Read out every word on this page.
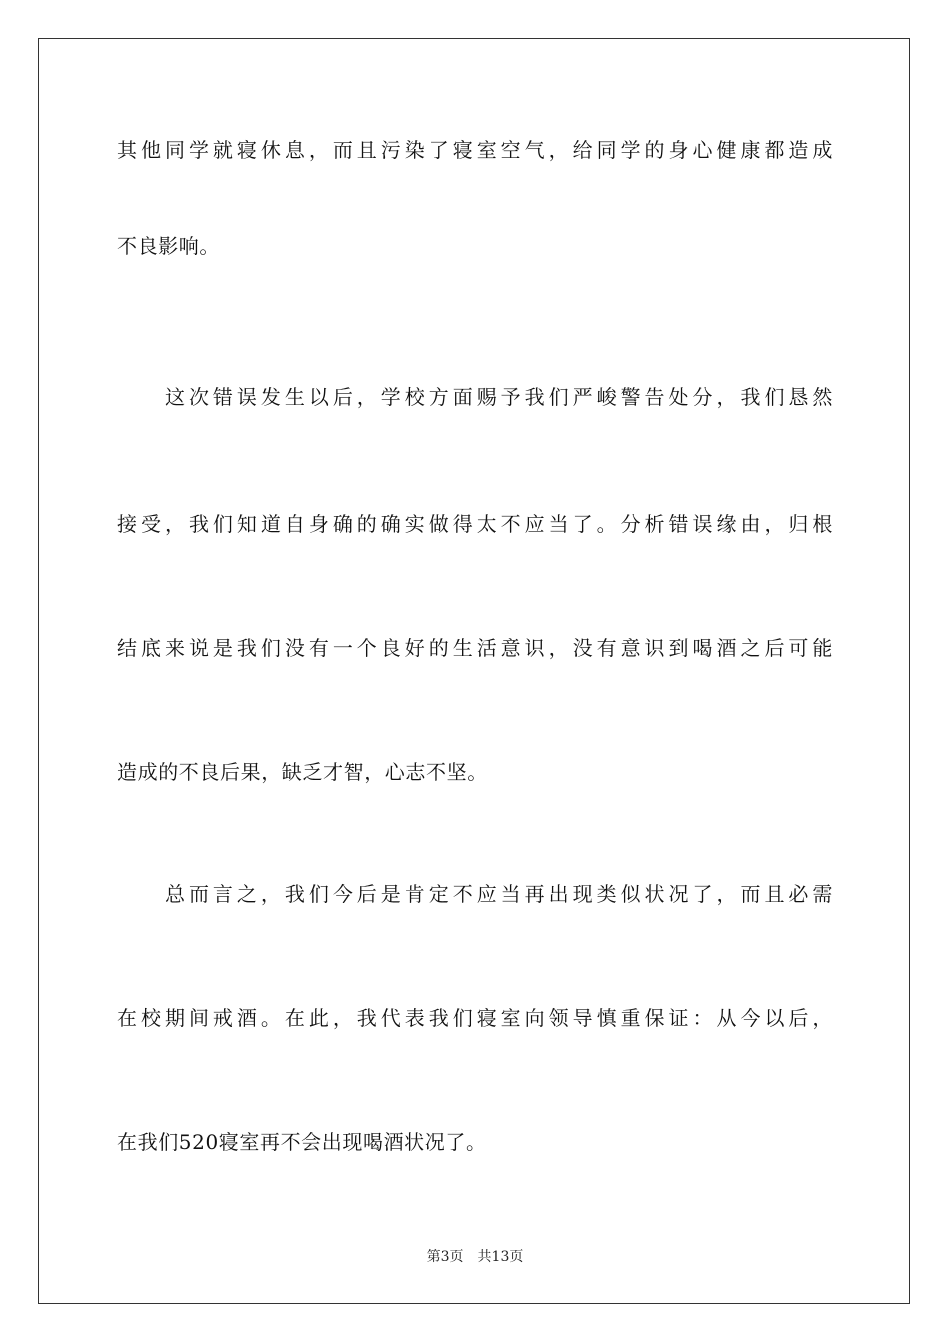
其他同学就寝休息，而且污染了寝室空气，给同学的身心健康都造成
不良影响。
　　这次错误发生以后，学校方面赐予我们严峻警告处分，我们恳然
接受，我们知道自身确的确实做得太不应当了。分析错误缘由，归根
结底来说是我们没有一个良好的生活意识，没有意识到喝酒之后可能
造成的不良后果，缺乏才智，心志不坚。
　　总而言之，我们今后是肯定不应当再出现类似状况了，而且必需
在校期间戒酒。在此，我代表我们寝室向领导慎重保证：从今以后，
在我们520寝室再不会出现喝酒状况了。
第3页 共13页
